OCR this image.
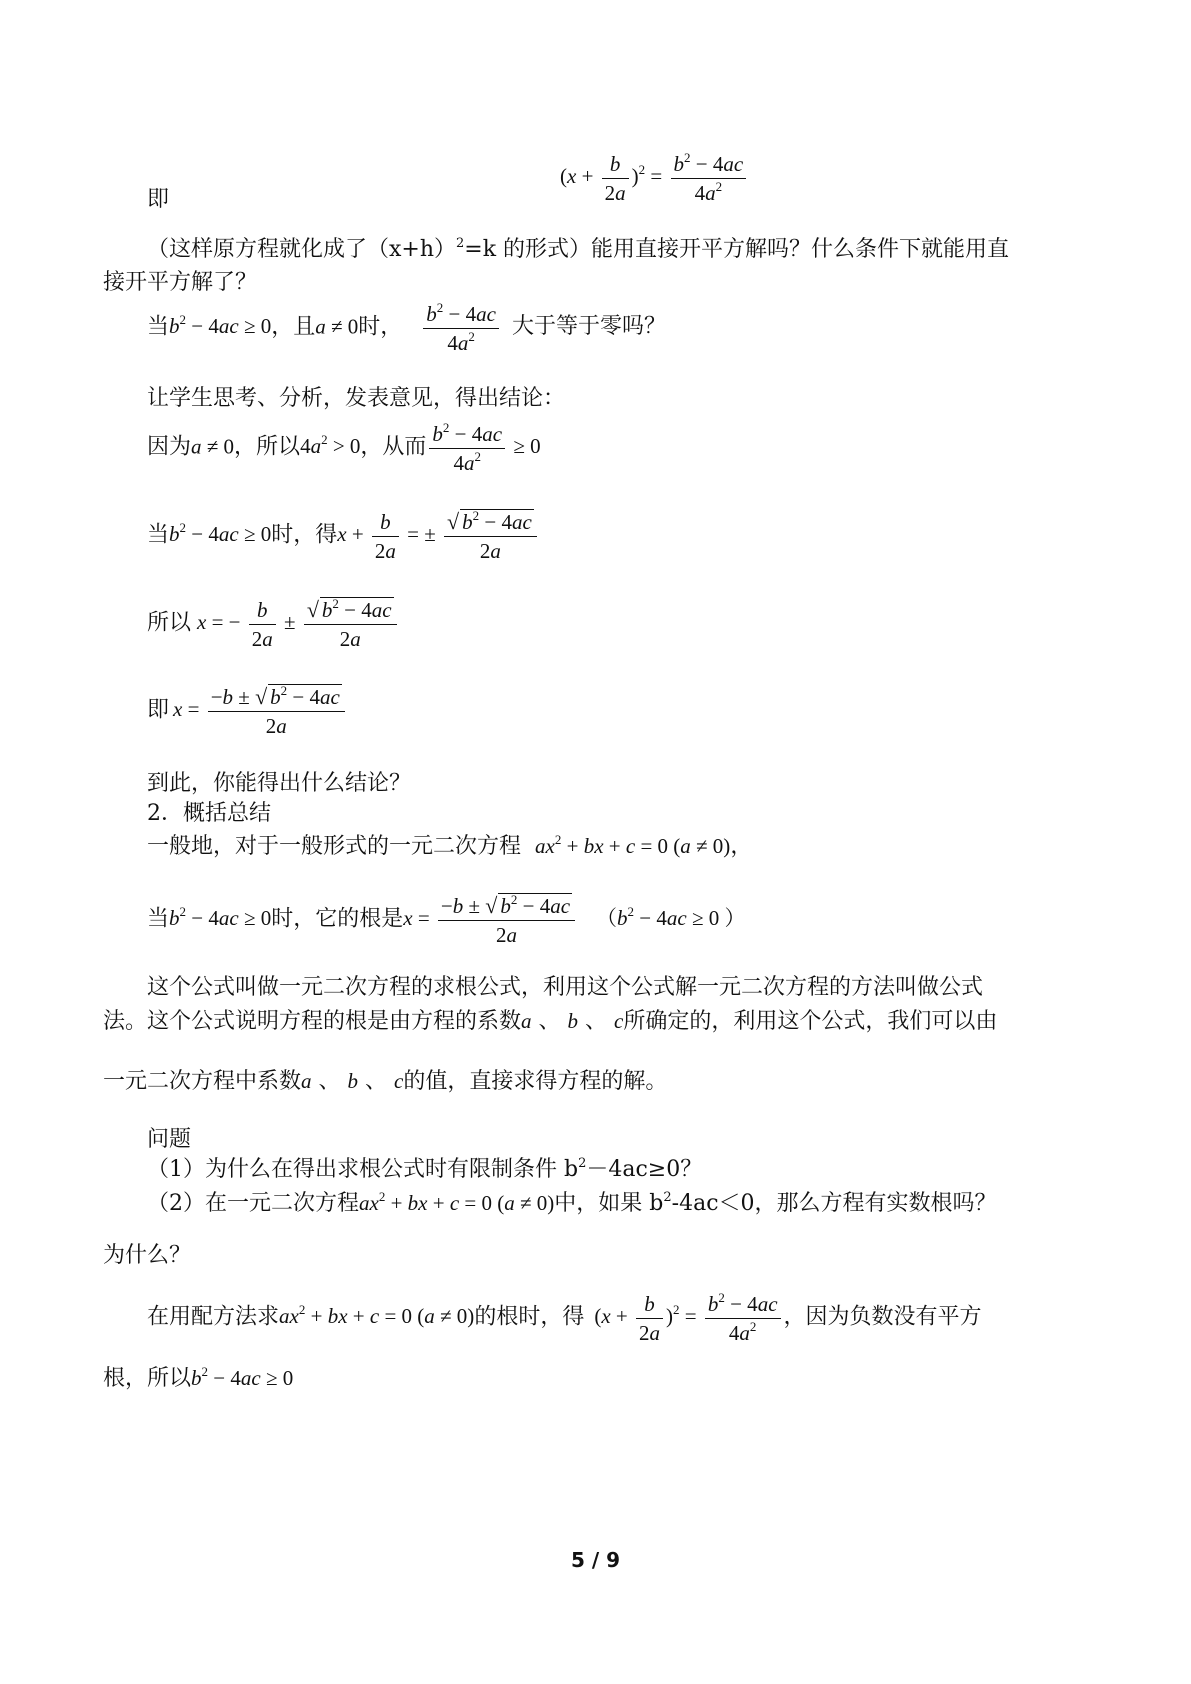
$(x + \frac{b}{2a} )^2 = \frac{b^2 - 4ac}{4a^2}$
即
（这样原方程就化成了$(x+h)^2=k$ 的形式）能用直接开平方解吗？什么条件下就能用直
接开平方解了？
当$b^2 - 4ac \ge 0$，且a ≠ 0时， $\frac{b^2 - 4ac}{4a^2}$ 大于等于零吗？
让学生思考、分析，发表意见，得出结论：
因为a ≠ 0，所以$4a^2 > 0$，从而 $\frac{b^2 - 4ac}{4a^2} \ge 0$
当$b^2 - 4ac \ge 0$时，得$x + \frac{b}{2a}$ = ± $\frac{√ b^2 - 4ac}{2a}$
所以 x = − $\frac{b}{2a} \pm \frac{√ b^2 - 4ac}{2a}$
即 $x = \frac{-b \pm √ b^2 - 4ac}{2a}$
到此，你能得出什么结论？
2．概括总结
一般地，对于一般形式的一元二次方程 $ax^2$ + bx + c = 0 (a ≠ 0)，
当$b^2 - 4ac \ge 0$时，它的根是$x = \frac{-b \pm √ b^2 - 4ac}{2a} (b^2 - 4ac \ge 0$ ）
这个公式叫做一元二次方程的求根公式，利用这个公式解一元二次方程的方法叫做公式
法。这个公式说明方程的根是由方程的系数a 、 b 、 c所确定的，利用这个公式，我们可以由
一元二次方程中系数a 、 b 、 c的值，直接求得方程的解。
问题
（1）为什么在得出求根公式时有限制条件 $b^2-4ac\ge 0$？
（2）在一元二次方程$ax^2$ + bx + c = 0 (a ≠ 0)中，如果 $b^2-4ac<0$，那么方程有实数根吗？
为什么？
在用配方法求$ax^2$ + bx + c = 0 (a ≠ 0)的根时，得 $(x + \frac{b}{2a} )^2 = \frac{b^2 - 4ac}{4a^2}$ ，因为负数没有平方
根，所以$b^2 - 4ac \ge 0$
5 / 9
